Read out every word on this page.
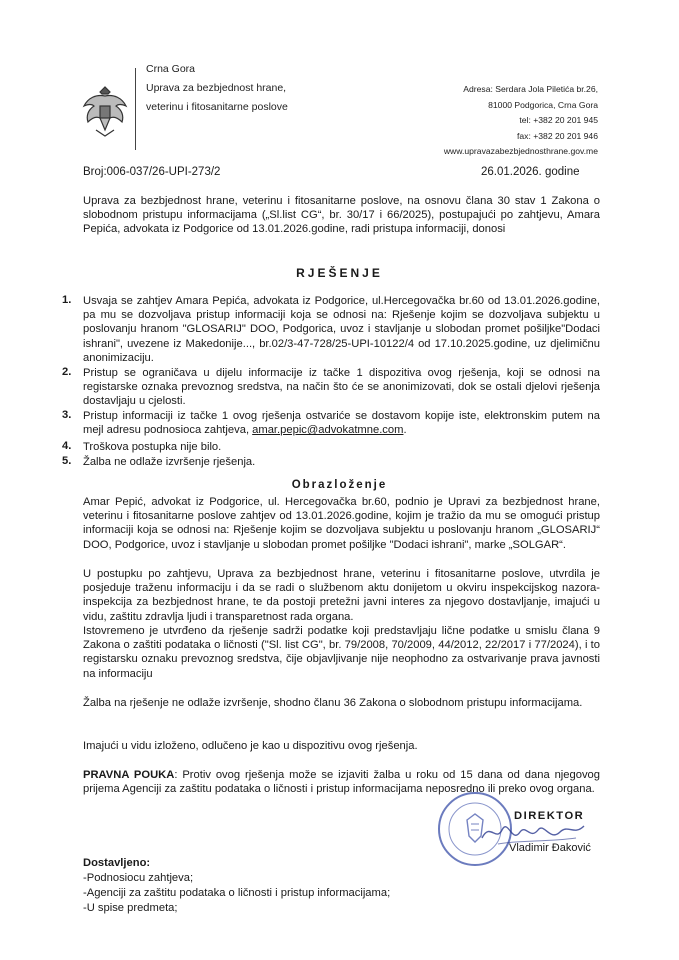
Crna Gora
Uprava za bezbjednost hrane,
veterinu i fitosanitarne poslove
Adresa: Serdara Jola Piletića br.26,
81000 Podgorica, Crna Gora
tel: +382 20 201 945
fax: +382 20 201 946
www.upravazabezbjednosthrane.gov.me
Broj:006-037/26-UPI-273/2	26.01.2026. godine
Uprava za bezbjednost hrane, veterinu i fitosanitarne poslove, na osnovu člana 30 stav 1 Zakona o slobodnom pristupu informacijama („Sl.list CG“, br. 30/17 i 66/2025), postupajući po zahtjevu, Amara Pepića, advokata iz Podgorice od 13.01.2026.godine, radi pristupa informaciji, donosi
RJEŠENJE
1. Usvaja se zahtjev Amara Pepića, advokata iz Podgorice, ul.Hercegovačka br.60 od 13.01.2026.godine, pa mu se dozvoljava pristup informaciji koja se odnosi na: Rješenje kojim se dozvoljava subjektu u poslovanju hranom "GLOSARIJ" DOO, Podgorica, uvoz i stavljanje u slobodan promet pošiljke"Dodaci ishrani", uvezene iz Makedonije..., br.02/3-47-728/25-UPI-10122/4 od 17.10.2025.godine, uz djelimičnu anonimizaciju.
2. Pristup se ograničava u dijelu informacije iz tačke 1 dispozitiva ovog rješenja, koji se odnosi na registarske oznaka prevoznog sredstva, na način što će se anonimizovati, dok se ostali djelovi rješenja dostavljaju u cjelosti.
3. Pristup informaciji iz tačke 1 ovog rješenja ostvariće se dostavom kopije iste, elektronskim putem na mejl adresu podnosioca zahtjeva, amar.pepic@advokatmne.com.
4. Troškova postupka nije bilo.
5. Žalba ne odlaže izvršenje rješenja.
Obrazloženje
Amar Pepić, advokat iz Podgorice, ul. Hercegovačka br.60, podnio je Upravi za bezbjednost hrane, veterinu i fitosanitarne poslove zahtjev od 13.01.2026.godine, kojim je tražio da mu se omogući pristup informaciji koja se odnosi na: Rješenje kojim se dozvoljava subjektu u poslovanju hranom „GLOSARIJ“ DOO, Podgorice, uvoz i stavljanje u slobodan promet pošiljke "Dodaci ishrani", marke „SOLGAR“.
U postupku po zahtjevu, Uprava za bezbjednost hrane, veterinu i fitosanitarne poslove, utvrdila je posjeduje traženu informaciju i da se radi o službenom aktu donijetom u okviru inspekcijskog nazora-inspekcija za bezbjednost hrane, te da postoji pretežni javni interes za njegovo dostavljanje, imajući u vidu, zaštitu zdravlja ljudi i transparetnost rada organa.
Istovremeno je utvrđeno da rješenje sadrži podatke koji predstavljaju lične podatke u smislu člana 9 Zakona o zaštiti podataka o ličnosti ("Sl. list CG", br. 79/2008, 70/2009, 44/2012, 22/2017 i 77/2024), i to registarsku oznaku prevoznog sredstva, čije objavljivanje nije neophodno za ostvarivanje prava javnosti na informaciju
Žalba na rješenje ne odlaže izvršenje, shodno članu 36 Zakona o slobodnom pristupu informacijama.
Imajući u vidu izloženo, odlučeno je kao u dispozitivu ovog rješenja.
PRAVNA POUKA: Protiv ovog rješenja može se izjaviti žalba u roku od 15 dana od dana njegovog prijema Agenciji za zaštitu podataka o ličnosti i pristup informacijama neposredno ili preko ovog organa.
DIREKTOR
Vladimir Đaković
Dostavljeno:
-Podnosiocu zahtjeva;
-Agenciji za zaštitu podataka o ličnosti i pristup informacijama;
-U spise predmeta;
